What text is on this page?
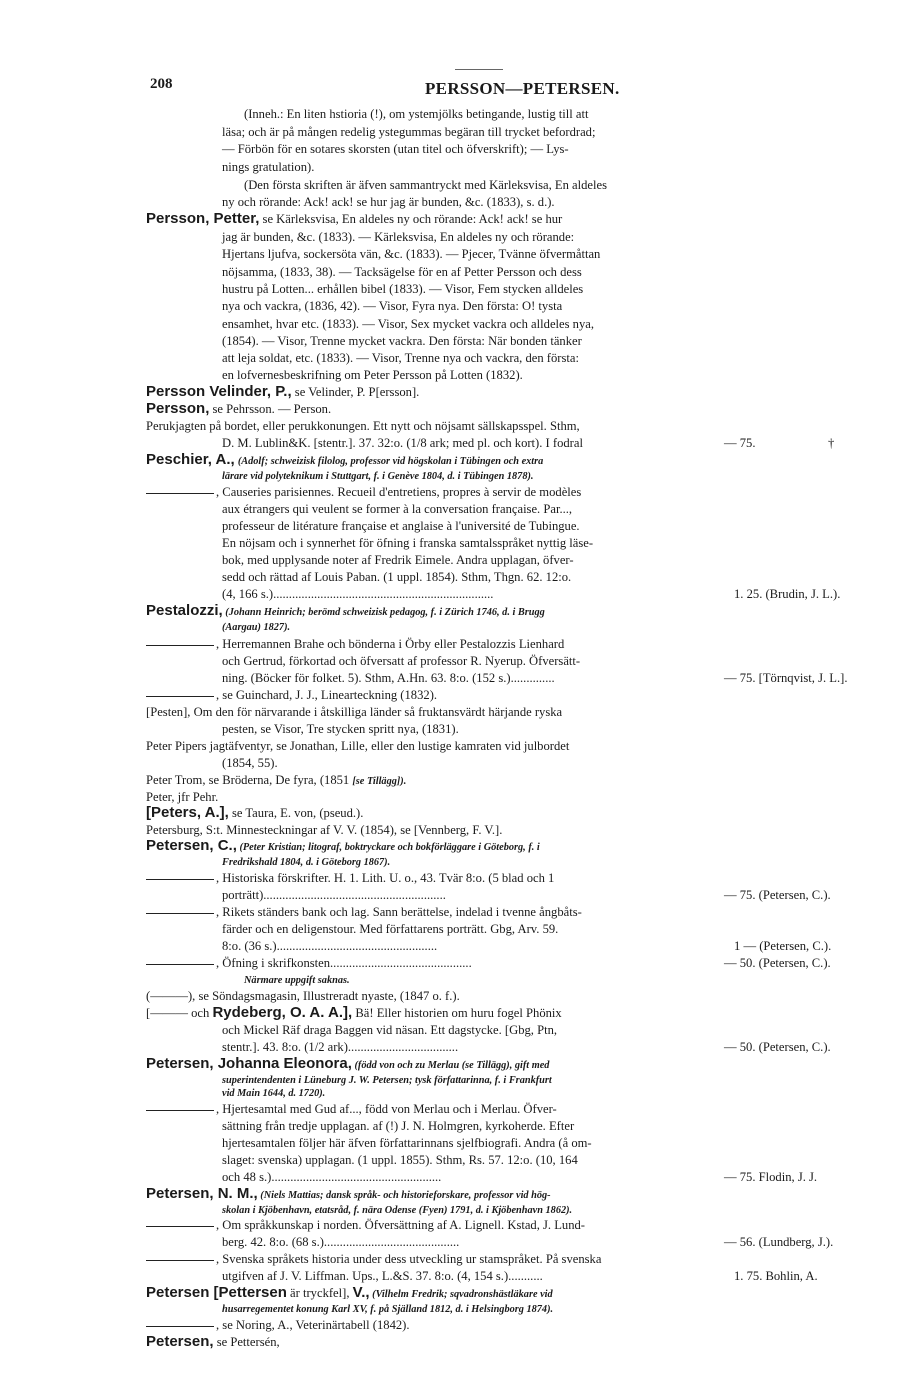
208	PERSSON—PETERSEN.
(Inneh.: En liten hstioria (!), om ystemjölks betingande, lustig till att
läsa; och är på mången redelig ystegummas begäran till trycket befordrad;
— Förbön för en sotares skorsten (utan titel och öfverskrift); — Lys-
nings gratulation).
(Den första skriften är äfven sammantryckt med Kärleksvisa, En aldeles
ny och rörande: Ack! ack! se hur jag är bunden, &c. (1833), s. d.).
Persson, Petter, se Kärleksvisa, En aldeles ny och rörande: Ack! ack! se hur
jag är bunden, &c. (1833). — Kärleksvisa, En aldeles ny och rörande:
Hjertans ljufva, sockersöta vän, &c. (1833). — Pjecer, Tvänne öfvermåttan
nöjsamma, (1833, 38). — Tacksägelse för en af Petter Persson och dess
hustru på Lotten... erhållen bibel (1833). — Visor, Fem stycken alldeles
nya och vackra, (1836, 42). — Visor, Fyra nya. Den första: O! tysta
ensamhet, hvar etc. (1833). — Visor, Sex mycket vackra och alldeles nya,
(1854). — Visor, Trenne mycket vackra. Den första: När bonden tänker
att leja soldat, etc. (1833). — Visor, Trenne nya och vackra, den första:
en lofvernesbeskrifning om Peter Persson på Lotten (1832).
Persson Velinder, P., se Velinder, P. P[ersson].
Persson, se Pehrsson. — Person.
Perukjagten på bordet, eller perukkonungen. Ett nytt och nöjsamt sällskapsspel. Sthm,
D. M. Lublin&K. [stentr.]. 37. 32:o. (1/8 ark; med pl. och kort). I fodral	— 75.	†
Peschier, A., (Adolf; schweizisk filolog, professor vid högskolan i Tübingen och extra
lärare vid polyteknikum i Stuttgart, f. i Genève 1804, d. i Tübingen 1878).
, Causeries parisiennes. Recueil d'entretiens, propres à servir de modèles
aux étrangers qui veulent se former à la conversation française. Par...,
professeur de litérature française et anglaise à l'université de Tubingue.
En nöjsam och i synnerhet för öfning i franska samtalsspråket nyttig läse-
bok, med upplysande noter af Fredrik Eimele. Andra upplagan, öfver-
sedd och rättad af Louis Paban. (1 uppl. 1854). Sthm, Thgn. 62. 12:o.
(4, 166 s.)......................................................................	1. 25. (Brudin, J. L.).
Pestalozzi, (Johann Heinrich; berömd schweizisk pedagog, f. i Zürich 1746, d. i Brugg
(Aargau) 1827).
, Herremannen Brahe och bönderna i Örby eller Pestalozzis Lienhard
och Gertrud, förkortad och öfversatt af professor R. Nyerup. Öfversätt-
ning. (Böcker för folket. 5). Sthm, A.Hn. 63. 8:o. (152 s.)..............	— 75. [Törnqvist, J. L.].
, se Guinchard, J. J., Linearteckning (1832).
[Pesten], Om den för närvarande i åtskilliga länder så fruktansvärdt härjande ryska
pesten, se Visor, Tre stycken spritt nya, (1831).
Peter Pipers jagtäfventyr, se Jonathan, Lille, eller den lustige kamraten vid julbordet
(1854, 55).
Peter Trom, se Bröderna, De fyra, (1851 [se Tillägg]).
Peter, jfr Pehr.
[Peters, A.], se Taura, E. von, (pseud.).
Petersburg, S:t. Minnesteckningar af V. V. (1854), se [Vennberg, F. V.].
Petersen, C., (Peter Kristian; litograf, boktryckare och bokförläggare i Göteborg, f. i
Fredrikshald 1804, d. i Göteborg 1867).
, Historiska förskrifter. H. 1. Lith. U. o., 43. Tvär 8:o. (5 blad och 1
porträtt)..........................................................	— 75. (Petersen, C.).
, Rikets ständers bank och lag. Sann berättelse, indelad i tvenne ångbåts-
färder och en deligenstour. Med författarens porträtt. Gbg, Arv. 59.
8:o. (36 s.)...................................................	1 — (Petersen, C.).
, Öfning i skrifkonsten.............................................	— 50. (Petersen, C.).
Närmare uppgift saknas.
(———), se Söndagsmagasin, Illustreradt nyaste, (1847 o. f.).
[——— och Rydeberg, O. A. A.], Bä! Eller historien om huru fogel Phönix
och Mickel Räf draga Baggen vid näsan. Ett dagstycke. [Gbg, Ptn,
stentr.]. 43. 8:o. (1/2 ark)...................................	— 50. (Petersen, C.).
Petersen, Johanna Eleonora, (född von och zu Merlau (se Tillägg), gift med
superintendenten i Lüneburg J. W. Petersen; tysk författarinna, f. i Frankfurt
vid Main 1644, d. 1720).
, Hjertesamtal med Gud af..., född von Merlau och i Merlau. Öfver-
sättning från tredje upplagan. af (!) J. N. Holmgren, kyrkoherde. Efter
hjertesamtalen följer här äfven författarinnans sjelfbiografi. Andra (å om-
slaget: svenska) upplagan. (1 uppl. 1855). Sthm, Rs. 57. 12:o. (10, 164
och 48 s.)......................................................	— 75. Flodin, J. J.
Petersen, N. M., (Niels Mattias; dansk språk- och historieforskare, professor vid hög-
skolan i Kjöbenhavn, etatsråd, f. nära Odense (Fyen) 1791, d. i Kjöbenhavn 1862).
, Om språkkunskap i norden. Öfversättning af A. Lignell. Kstad, J. Lund-
berg. 42. 8:o. (68 s.)...........................................	— 56. (Lundberg, J.).
, Svenska språkets historia under dess utveckling ur stamspråket. På svenska
utgifven af J. V. Liffman. Ups., L.&S. 37. 8:o. (4, 154 s.)...........	1. 75. Bohlin, A.
Petersen [Pettersen är tryckfel], V., (Vilhelm Fredrik; sqvadronshästläkare vid
husarregementet konung Karl XV, f. på Själland 1812, d. i Helsingborg 1874).
, se Noring, A., Veterinärtabell (1842).
Petersen, se Pettersén,
